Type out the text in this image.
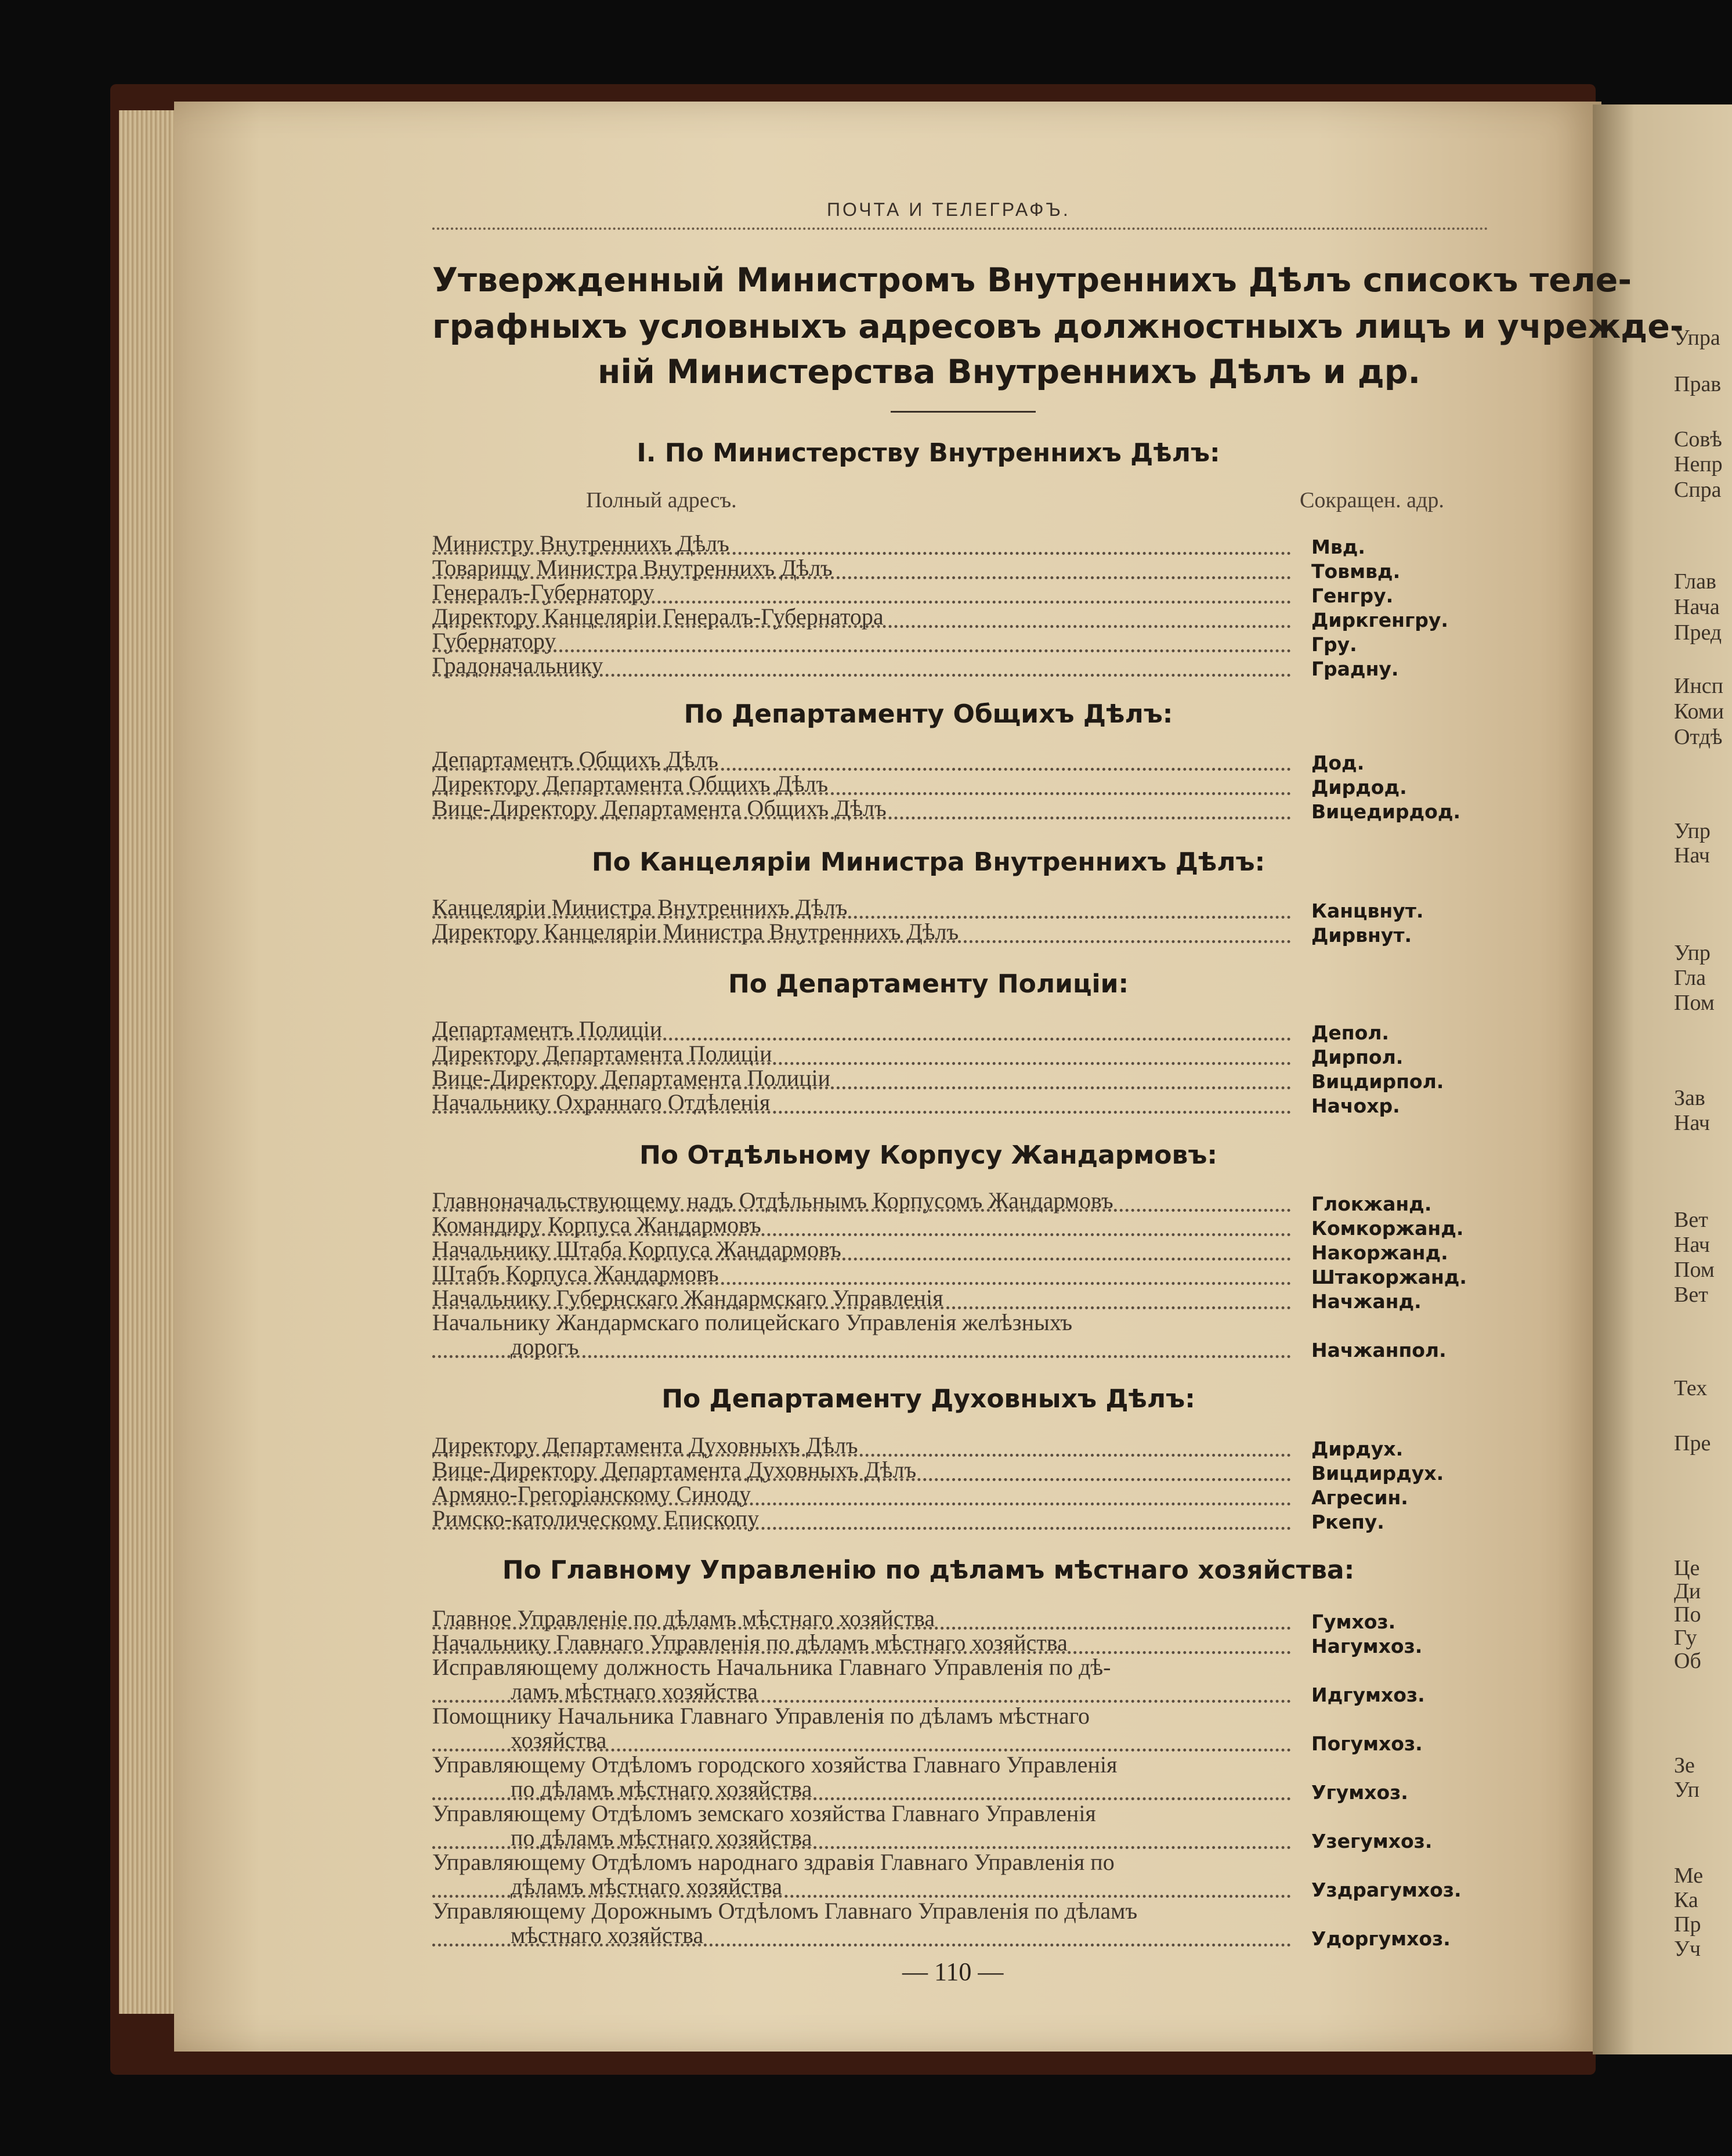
ПОЧТА И ТЕЛЕГРАФЪ.
Утвержденный Министромъ Внутреннихъ Дѣлъ списокъ теле-
графныхъ условныхъ адресовъ должностныхъ лицъ и учрежде-
ній Министерства Внутреннихъ Дѣлъ и др.
Полный адресъ.	Сокращен. адр.
I. По Министерству Внутреннихъ Дѣлъ:
По Департаменту Общихъ Дѣлъ:
По Канцеляріи Министра Внутреннихъ Дѣлъ:
По Департаменту Полиціи:
По Отдѣльному Корпусу Жандармовъ:
По Департаменту Духовныхъ Дѣлъ:
По Главному Управленію по дѣламъ мѣстнаго хозяйства:
Министру Внутреннихъ Дѣлъ	Мвд.
Товарищу Министра Внутреннихъ Дѣлъ	Товмвд.
Генералъ-Губернатору	Генгру.
Директору Канцеляріи Генералъ-Губернатора	Диркгенгру.
Губернатору	Гру.
Градоначальнику	Градну.
Департаментъ Общихъ Дѣлъ	Дод.
Директору Департамента Общихъ Дѣлъ	Дирдод.
Вице-Директору Департамента Общихъ Дѣлъ	Вицедирдод.
Канцеляріи Министра Внутреннихъ Дѣлъ	Канцвнут.
Директору Канцеляріи Министра Внутреннихъ Дѣлъ	Дирвнут.
Департаментъ Полиціи	Депол.
Директору Департамента Полиціи	Дирпол.
Вице-Директору Департамента Полиціи	Вицдирпол.
Начальнику Охраннаго Отдѣленія	Начохр.
Главноначальствующему надъ Отдѣльнымъ Корпусомъ Жандармовъ	Глокжанд.
Командиру Корпуса Жандармовъ	Комкоржанд.
Начальнику Штаба Корпуса Жандармовъ	Накоржанд.
Штабъ Корпуса Жандармовъ	Штакоржанд.
Начальнику Губернскаго Жандармскаго Управленія	Начжанд.
Начальнику Жандармскаго полицейскаго Управленія желѣзныхъ
дорогъ	Начжанпол.
Директору Департамента Духовныхъ Дѣлъ	Дирдух.
Вице-Директору Департамента Духовныхъ Дѣлъ	Вицдирдух.
Армяно-Грегоріанскому Синоду	Агресин.
Римско-католическому Епископу	Ркепу.
Главное Управленіе по дѣламъ мѣстнаго хозяйства	Гумхоз.
Начальнику Главнаго Управленія по дѣламъ мѣстнаго хозяйства	Нагумхоз.
Исправляющему должность Начальника Главнаго Управленія по дѣ-
ламъ мѣстнаго хозяйства	Идгумхоз.
Помощнику Начальника Главнаго Управленія по дѣламъ мѣстнаго
хозяйства	Погумхоз.
Управляющему Отдѣломъ городского хозяйства Главнаго Управленія
по дѣламъ мѣстнаго хозяйства	Угумхоз.
Управляющему Отдѣломъ земскаго хозяйства Главнаго Управленія
по дѣламъ мѣстнаго хозяйства	Узегумхоз.
Управляющему Отдѣломъ народнаго здравія Главнаго Управленія по
дѣламъ мѣстнаго хозяйства	Уздрагумхоз.
Управляющему Дорожнымъ Отдѣломъ Главнаго Управленія по дѣламъ
мѣстнаго хозяйства	Удоргумхоз.
— 110 —
Упра
Прав
Совѣ
Непр
Спра
Глав
Нача
Пред
Инсп
Коми
Отдѣ
Упр
Нач
Упр
Гла
Пом
Зав
Нач
Вет
Нач
Пом
Вет
Тех
Пре
Це
Ди
По
Гу
Об
Зе
Уп
Ме
Ка
Пр
Уч
